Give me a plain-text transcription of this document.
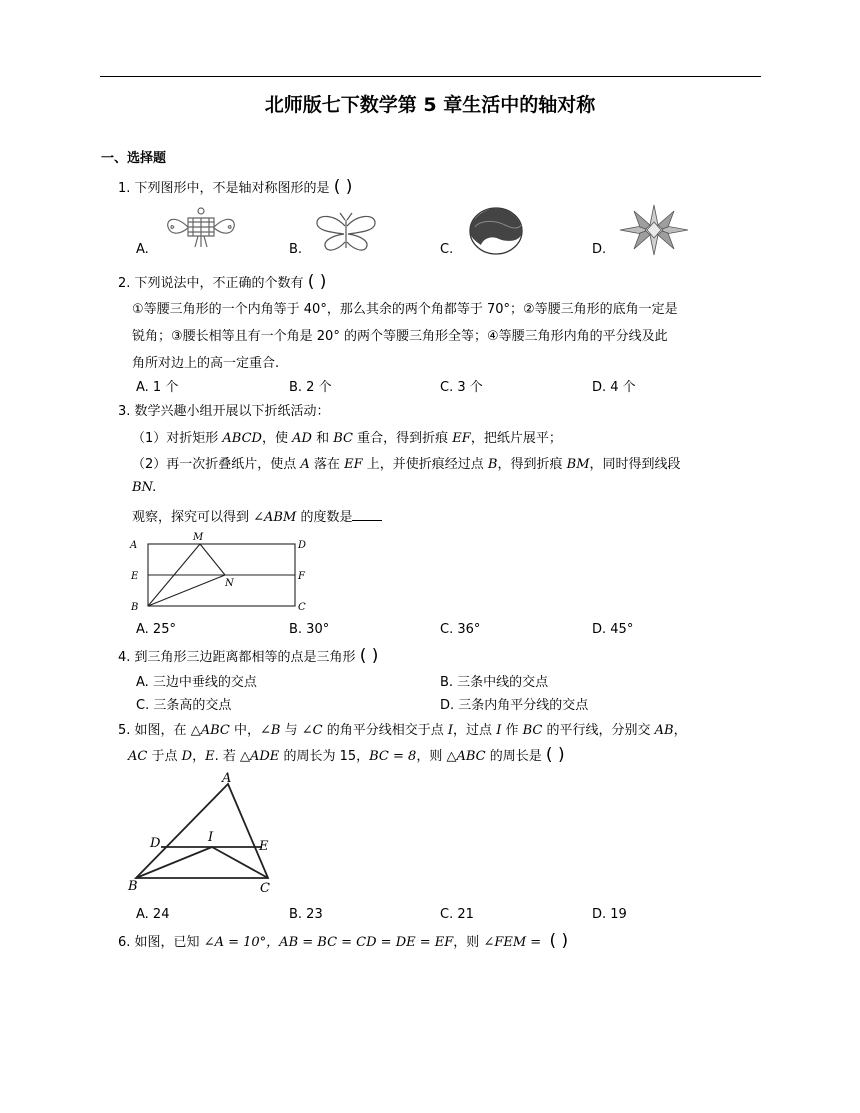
北师版七下数学第 5 章生活中的轴对称
一、选择题
1. 下列图形中，不是轴对称图形的是 ( )
A.	B.	C.	D.
2. 下列说法中，不正确的个数有 ( )
①等腰三角形的一个内角等于 40°，那么其余的两个角都等于 70°；②等腰三角形的底角一定是
锐角；③腰长相等且有一个角是 20° 的两个等腰三角形全等；④等腰三角形内角的平分线及此
角所对边上的高一定重合.
A. 1 个	B. 2 个	C. 3 个	D. 4 个
3. 数学兴趣小组开展以下折纸活动：
（1）对折矩形 ABCD，使 AD 和 BC 重合，得到折痕 EF，把纸片展平；
（2）再一次折叠纸片，使点 A 落在 EF 上，并使折痕经过点 B，得到折痕 BM，同时得到线段
BN.
观察，探究可以得到 ∠ABM 的度数是
A
M
D
E
N
F
B	C
A. 25°	B. 30°	C. 36°	D. 45°
4. 到三角形三边距离都相等的点是三角形 ( )
A. 三边中垂线的交点	B. 三条中线的交点
C. 三条高的交点	D. 三条内角平分线的交点
5. 如图，在 △ABC 中，∠B 与 ∠C 的角平分线相交于点 I，过点 I 作 BC 的平行线，分别交 AB，
AC 于点 D，E. 若 △ADE 的周长为 15，BC = 8，则 △ABC 的周长是 ( )
A
D	I
E
B	C
A. 24	B. 23	C. 21	D. 19
6. 如图，已知 ∠A = 10°，AB = BC = CD = DE = EF，则 ∠FEM = ( )
